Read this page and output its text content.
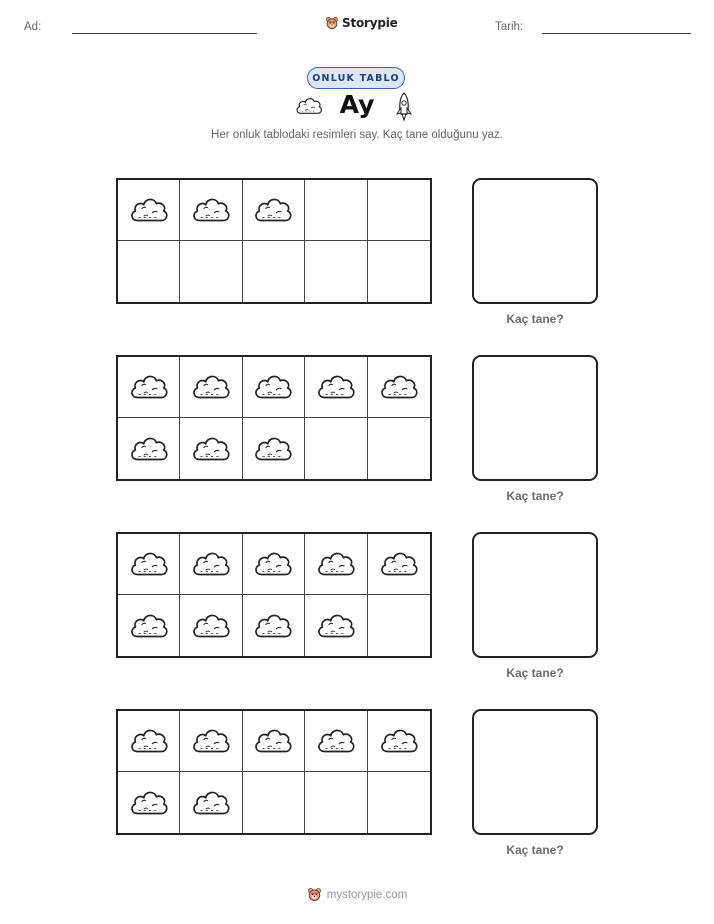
Ad:	Storypie	Tarih:
ONLUK TABLO
Ay
Her onluk tablodaki resimleri say. Kaç tane olduğunu yaz.
Kaç tane?
Kaç tane?
Kaç tane?
Kaç tane?
mystorypie.com
